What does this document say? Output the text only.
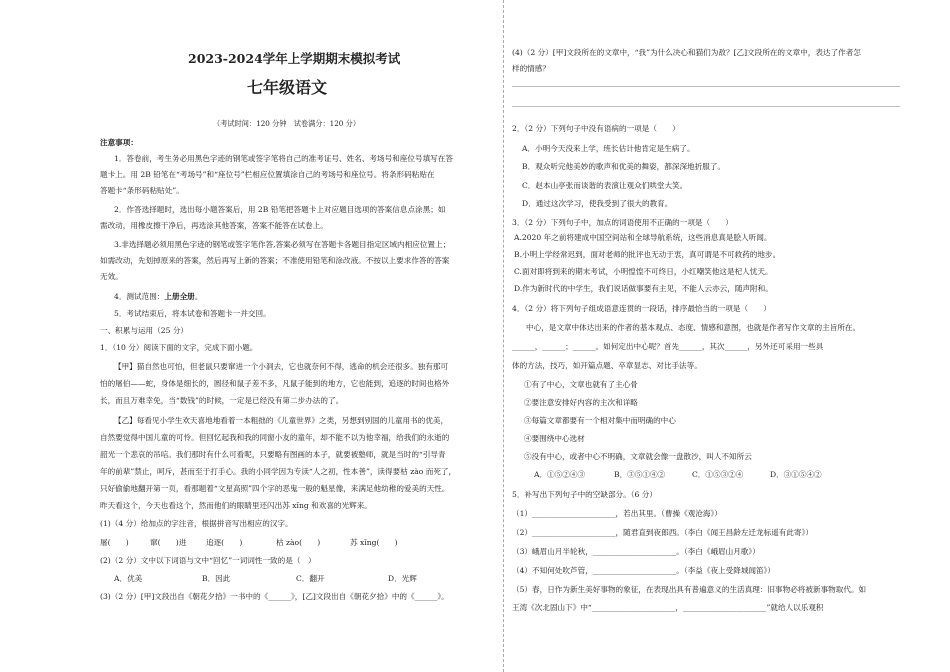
2023-2024学年上学期期末模拟考试
七年级语文
（考试时间：120 分钟　试卷满分：120 分）
注意事项：
1．答卷前，考生务必用黑色字迹的钢笔或签字笔将自己的准考证号、姓名、考场号和座位号填写在答
题卡上。用 2B 铅笔在“考场号”和“座位号”栏相应位置填涂自己的考场号和座位号。将条形码粘贴在
答题卡“条形码粘贴处”。
2．作答选择题时，选出每小题答案后，用 2B 铅笔把答题卡上对应题目选项的答案信息点涂黑；如
需改动，用橡皮擦干净后，再选涂其他答案，答案不能答在试卷上。
3.非选择题必须用黑色字迹的钢笔或签字笔作答,答案必须写在答题卡各题目指定区域内相应位置上；
如需改动，先划掉原来的答案，然后再写上新的答案；不准使用铅笔和涂改液。不按以上要求作答的答案
无效。
4．测试范围：上册全册。
5．考试结束后，将本试卷和答题卡一并交回。
一、积累与运用（25 分）
1．（10 分）阅读下面的文字，完成下面小题。
【甲】猫自然也可怕，但老鼠只要窜进一个小洞去，它也就奈何不得，逃命的机会还很多。独有那可
怕的屠伯——蛇，身体是细长的，圆径和鼠子差不多，凡鼠子能到的地方，它也能到，追逐的时间也格外
长，而且万难幸免，当“数钱”的时候，一定是已经没有第二步办法的了。
【乙】每看见小学生欢天喜地地看着一本粗拙的《儿童世界》之类，另想到别国的儿童用书的优美，
自然要觉得中国儿童的可怜。但回忆起我和我的同窗小友的童年，却不能不以为他幸福，给我们的永逝的
韶光一个悲哀的吊唁。我们那时有什么可看呢，只要略有图画的本子，就要被塾师，就是当时的“引导青
年的前辈”禁止，呵斥，甚而至于打手心。我的小同学因为专读“人之初，性本善”，读得要枯 zào 而死了，
只好偷偷地翻开第一页，看那题着“文星高照”四个字的恶鬼一般的魁星像，来满足他幼稚的爱美的天性。
昨天看这个，今天也看这个，然而他们的眼睛里还闪出苏 xǐng 和欢喜的光辉来。
(1)（4 分）给加点的字注音，根据拼音写出相应的汉字。
屠(　　)	窜(　　)进	追逐(　　)	枯 zào(　　)	苏 xǐng(　　)
(2)（2 分）文中以下词语与文中“回忆”一词词性一致的是（　）
A．优美	B．因此	C．翻开	D．光辉
(3)（2 分）[甲]文段出自《朝花夕拾》一书中的《______》，[乙]文段出自《朝花夕拾》中的《______》。
(4)（2 分）[甲]文段所在的文章中，“我”为什么决心和猫们为敌？[乙]文段所在的文章中，表达了作者怎
样的情感？
2．（2 分）下列句子中没有语病的一项是（　　）
A．小明今天没来上学，班长估计他肯定是生病了。
B．观众听完他美妙的歌声和优美的舞姿，都深深地折服了。
C．赵本山亭张而谈谐的表演让观众们哄堂大笑。
D．通过这次学习，使我受到了很大的教育。
3．（2 分）下列句子中，加点的词语使用不正确的一项是（　　）
A.2020 年之前将建成中国空间站和全球导航系统，这些消息真是脍人听闻。
B.小明上学经常迟到，面对老师的批评也无动于衷，真可谓是不可救药的地步。
C.面对即将到来的期末考试，小明惶惶不可终日，小红嘲笑他这是杞人忧天。
D.作为新时代的中学生，我们说话做事要有主见，不能人云亦云，随声附和。
4．（2 分）将下列句子组成语意连贯的一段话，排序最恰当的一项是（　　）
中心，是文章中体达出来的作者的基本观点、态度、情感和意图，也就是作者写作文章的主旨所在。
______，______；______。如何定出中心呢？首先______，其次______，另外还可采用一些具
体的方法，技巧，如开篇点题、卒章显志、对比手法等。
①有了中心，文章也就有了主心骨
②要注意安排好内容的主次和详略
③每篇文章都要有一个相对集中而明确的中心
④要围绕中心选材
⑤没有中心，或者中心不明确，文章就会像一盘散沙，叫人不知所云
A．①⑤②④③	B．③⑤①④②	C．①⑤③②④	D．③①⑤④②
5．补写出下列句子中的空缺部分。（6 分）
（1）______________________，若出其里。（曹操《观沧海》）
（2）______________________，随君直到夜郎西。（李白《闻王昌龄左迁龙标遥有此寄》）
（3）峨眉山月半轮秋，______________________。（李白《峨眉山月歌》）
（4）不知何处吹芦管，______________________。（李益《夜上受降城闻笛》）
（5）春，日作为新生美好事物的象征，在表现出具有普遍意义的生活真理：旧事物必将被新事物取代。如
王湾《次北固山下》中“______________________，______________________”就给人以乐观积
